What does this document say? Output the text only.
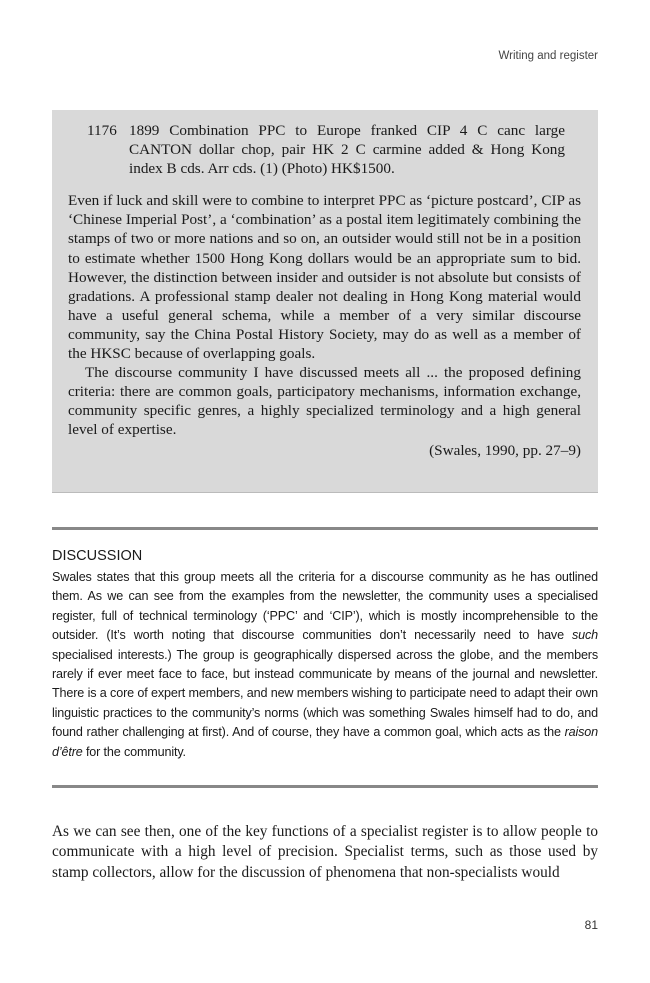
Writing and register
1176 1899 Combination PPC to Europe franked CIP 4 C canc large CANTON dollar chop, pair HK 2 C carmine added & Hong Kong index B cds. Arr cds. (1) (Photo) HK$1500.

Even if luck and skill were to combine to interpret PPC as ‘picture postcard’, CIP as ‘Chinese Imperial Post’, a ‘combination’ as a postal item legitimately combining the stamps of two or more nations and so on, an outsider would still not be in a position to estimate whether 1500 Hong Kong dollars would be an appropriate sum to bid. However, the distinction between insider and outsider is not absolute but consists of gradations. A professional stamp dealer not dealing in Hong Kong material would have a useful general schema, while a member of a very similar discourse community, say the China Postal History Society, may do as well as a member of the HKSC because of overlapping goals.

The discourse community I have discussed meets all ... the proposed defining criteria: there are common goals, participatory mechanisms, information exchange, community specific genres, a highly specialized terminology and a high general level of expertise.

(Swales, 1990, pp. 27–9)
DISCUSSION
Swales states that this group meets all the criteria for a discourse community as he has outlined them. As we can see from the examples from the newsletter, the community uses a specialised register, full of technical terminology (‘PPC’ and ‘CIP’), which is mostly incomprehensible to the outsider. (It’s worth noting that discourse communities don’t necessarily need to have such specialised interests.) The group is geographically dispersed across the globe, and the members rarely if ever meet face to face, but instead communicate by means of the journal and newsletter. There is a core of expert members, and new members wishing to participate need to adapt their own linguistic practices to the community’s norms (which was something Swales himself had to do, and found rather challenging at first). And of course, they have a common goal, which acts as the raison d’être for the community.
As we can see then, one of the key functions of a specialist register is to allow people to communicate with a high level of precision. Specialist terms, such as those used by stamp collectors, allow for the discussion of phenomena that non-specialists would
81
